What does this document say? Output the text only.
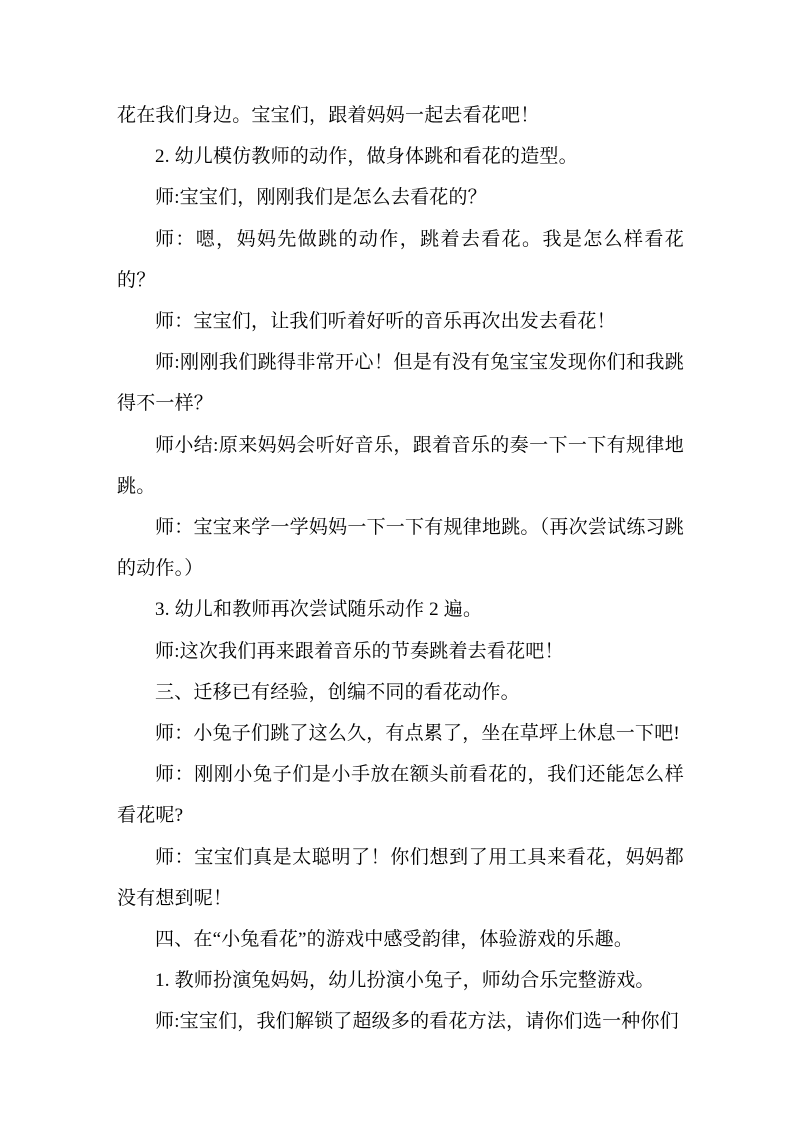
花在我们身边。宝宝们，跟着妈妈一起去看花吧！

2. 幼儿模仿教师的动作，做身体跳和看花的造型。

师:宝宝们，刚刚我们是怎么去看花的？

师：嗯，妈妈先做跳的动作，跳着去看花。我是怎么样看花的？

师：宝宝们，让我们听着好听的音乐再次出发去看花！

师:刚刚我们跳得非常开心！但是有没有兔宝宝发现你们和我跳得不一样？

师小结:原来妈妈会听好音乐，跟着音乐的奏一下一下有规律地跳。

师：宝宝来学一学妈妈一下一下有规律地跳。（再次尝试练习跳的动作。）

3. 幼儿和教师再次尝试随乐动作 2 遍。

师:这次我们再来跟着音乐的节奏跳着去看花吧！

三、迁移已有经验，创编不同的看花动作。

师：小兔子们跳了这么久，有点累了，坐在草坪上休息一下吧!

师：刚刚小兔子们是小手放在额头前看花的，我们还能怎么样看花呢?

师：宝宝们真是太聪明了！你们想到了用工具来看花，妈妈都没有想到呢！

四、在“小兔看花”的游戏中感受韵律，体验游戏的乐趣。

1. 教师扮演兔妈妈，幼儿扮演小兔子，师幼合乐完整游戏。

师:宝宝们，我们解锁了超级多的看花方法，请你们选一种你们
